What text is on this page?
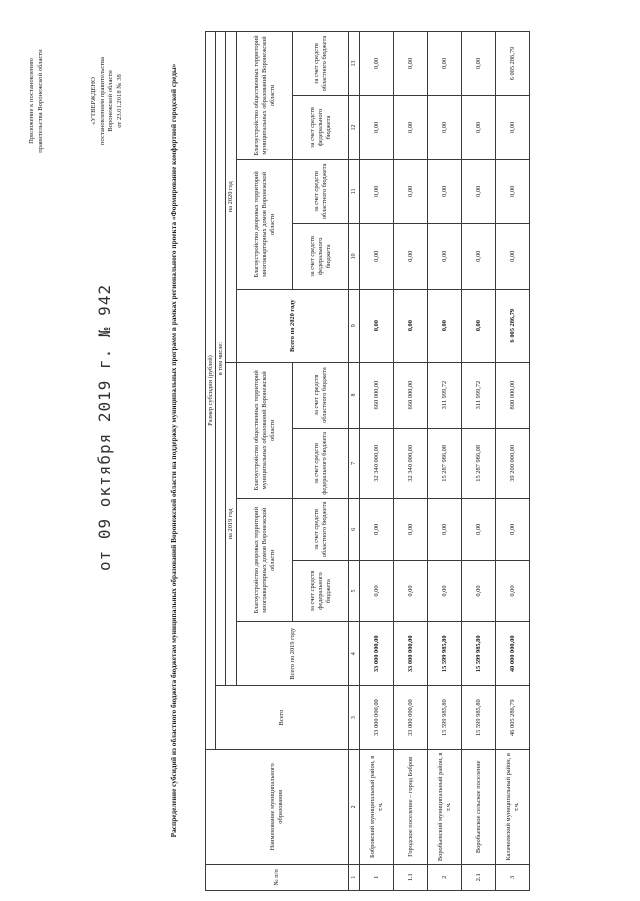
Приложение к постановлению правительства Воронежской области	«УТВЕРЖДЕНО постановлением правительства Воронежской области от 23.01.2018 № 38
от 09 октября 2019 г. № 942	Распределение субсидий из областного бюджета бюджетам муниципальных образований Воронежской области на поддержку муниципальных программ в рамках регионального проекта «Формирование комфортной городской среды»
№ п/п	Наименование муниципального образования	Размер субсидии (рублей)										
		Всего	в том числе:									
			на 2019 год					на 2020 год				
			Всего по 2019 году	Благоустройство дворовых территорий многоквартирных домов Воронежской области		Благоустройство общественных территорий муниципальных образований Воронежской области		Всего по 2020 году	Благоустройство дворовых территорий многоквартирных домов Воронежской области		Благоустройство общественных территорий муниципальных образований Воронежской области	
				за счет средств федерального бюджета	за счет средств областного бюджета	за счет средств федерального бюджета	за счет средств областного бюджета		за счет средств федерального бюджета	за счет средств областного бюджета	за счет средств федерального бюджета	за счет средств областного бюджета
1	2	3	4	5	6	7	8	9	10	11	12	13
1	Бобровский муниципальный район, в т.ч.	33 000 000,00	33 000 000,00	0,00	0,00	32 340 000,00	660 000,00	0,00	0,00	0,00	0,00	0,00
1.1	Городское поселение – город Бобров	33 000 000,00	33 000 000,00	0,00	0,00	32 340 000,00	660 000,00	0,00	0,00	0,00	0,00	0,00
2	Воробьевский муниципальный район, в т.ч.	15 599 985,80	15 599 985,80	0,00	0,00	15 287 986,08	311 999,72	0,00	0,00	0,00	0,00	0,00
2.1	Воробьевское сельское поселение	15 599 985,80	15 599 985,80	0,00	0,00	15 287 986,08	311 999,72	0,00	0,00	0,00	0,00	0,00
3	Калачеевский муниципальный район, в т.ч.	46 005 286,79	40 000 000,00	0,00	0,00	39 200 000,00	800 000,00	6 005 286,79	0,00	0,00	0,00	6 005 286,79
